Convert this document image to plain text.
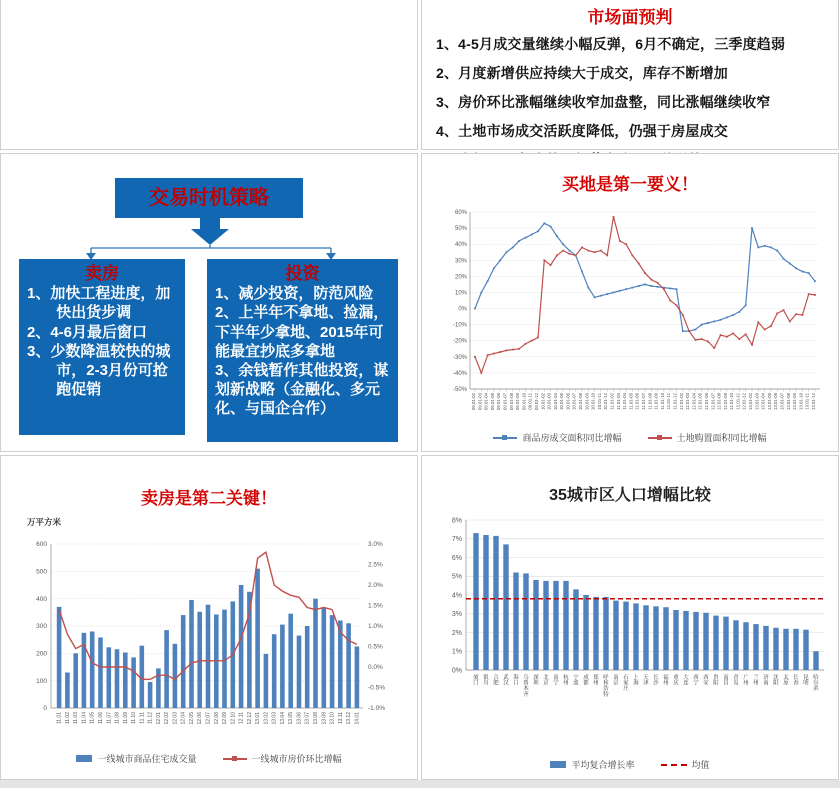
市场面预判
1、4-5月成交量继续小幅反弹，6月不确定，三季度趋弱
2、月度新增供应持续大于成交，库存不断增加
3、房价环比涨幅继续收窄加盘整，同比涨幅继续收窄
4、土地市场成交活跃度降低，仍强于房屋成交
交易时机策略
卖房
1、加快工程进度，加快出货步调
2、4-6月最后窗口
3、少数降温较快的城市，2-3月份可抢跑促销
投资
1、减少投资，防范风险
2、上半年不拿地、捡漏，下半年少拿地、2015年可能最宜抄底多拿地
3、余钱暂作其他投资，谋划新战略（金融化、多元化、与国企合作）
买地是第一要义！
60%
50%
40%
30%
20%
10%
0%
-10%
-20%
-30%
-40%
-50%
09.01-02 09.01-03 09.01-04 09.01-05 09.01-06 09.01-07 09.01-08 09.01-09 09.01-10 09.01-11 09.01-12 10.01-02 10.01-03 10.01-04 10.01-05 10.01-06 10.01-07 10.01-08 10.01-09 10.01-10 10.01-11 10.01-12 11.01-02 11.01-03 11.01-04 11.01-05 11.01-06 11.01-07 11.01-08 11.01-09 11.01-10 11.01-11 11.01-12 12.01-02 12.01-03 12.01-04 12.01-05 12.01-06 12.01-07 12.01-08 12.01-09 12.01-10 12.01-11 12.01-12 13.01-02 13.01-03 13.01-04 13.01-05 13.01-06 13.01-07 13.01-08 13.01-09 13.01-10 13.01-11 13.01-12
商品房成交面积同比增幅	土地购置面积同比增幅
卖房是第二关键！
万平方米
0
100
200
300
400
500
600
-1.0%
-0.5%
0.0%
0.5%
1.0%
1.5%
2.0%
2.5%
3.0%
11.01 11.02 11.03 11.04 11.05 11.06 11.07 11.08 11.09 11.10 11.11 11.12 12.01 12.02 12.03 12.04 12.05 12.06 12.07 12.08 12.09 12.10 12.11 12.12 13.01 13.02 13.03 13.04 13.05 13.06 13.07 13.08 13.09 13.10 13.11 13.12 14.01
一线城市商品住宅成交量	一线城市房价环比增幅
35城市区人口增幅比较
0%
1%
2%
3%
4%
5%
6%
7%
8%
厦门
银川
合肥
武汉
海口
乌鲁木齐
深圳
北京
南宁
杭州
宁波
成都
郑州
呼和浩特
南京
石家庄
上海
天津
长沙
福州
重庆
大连
西宁
西安
贵阳
南昌
青岛
广州
兰州
济南
沈阳
太原
长春
昆明
哈尔滨
平均复合增长率	均值
